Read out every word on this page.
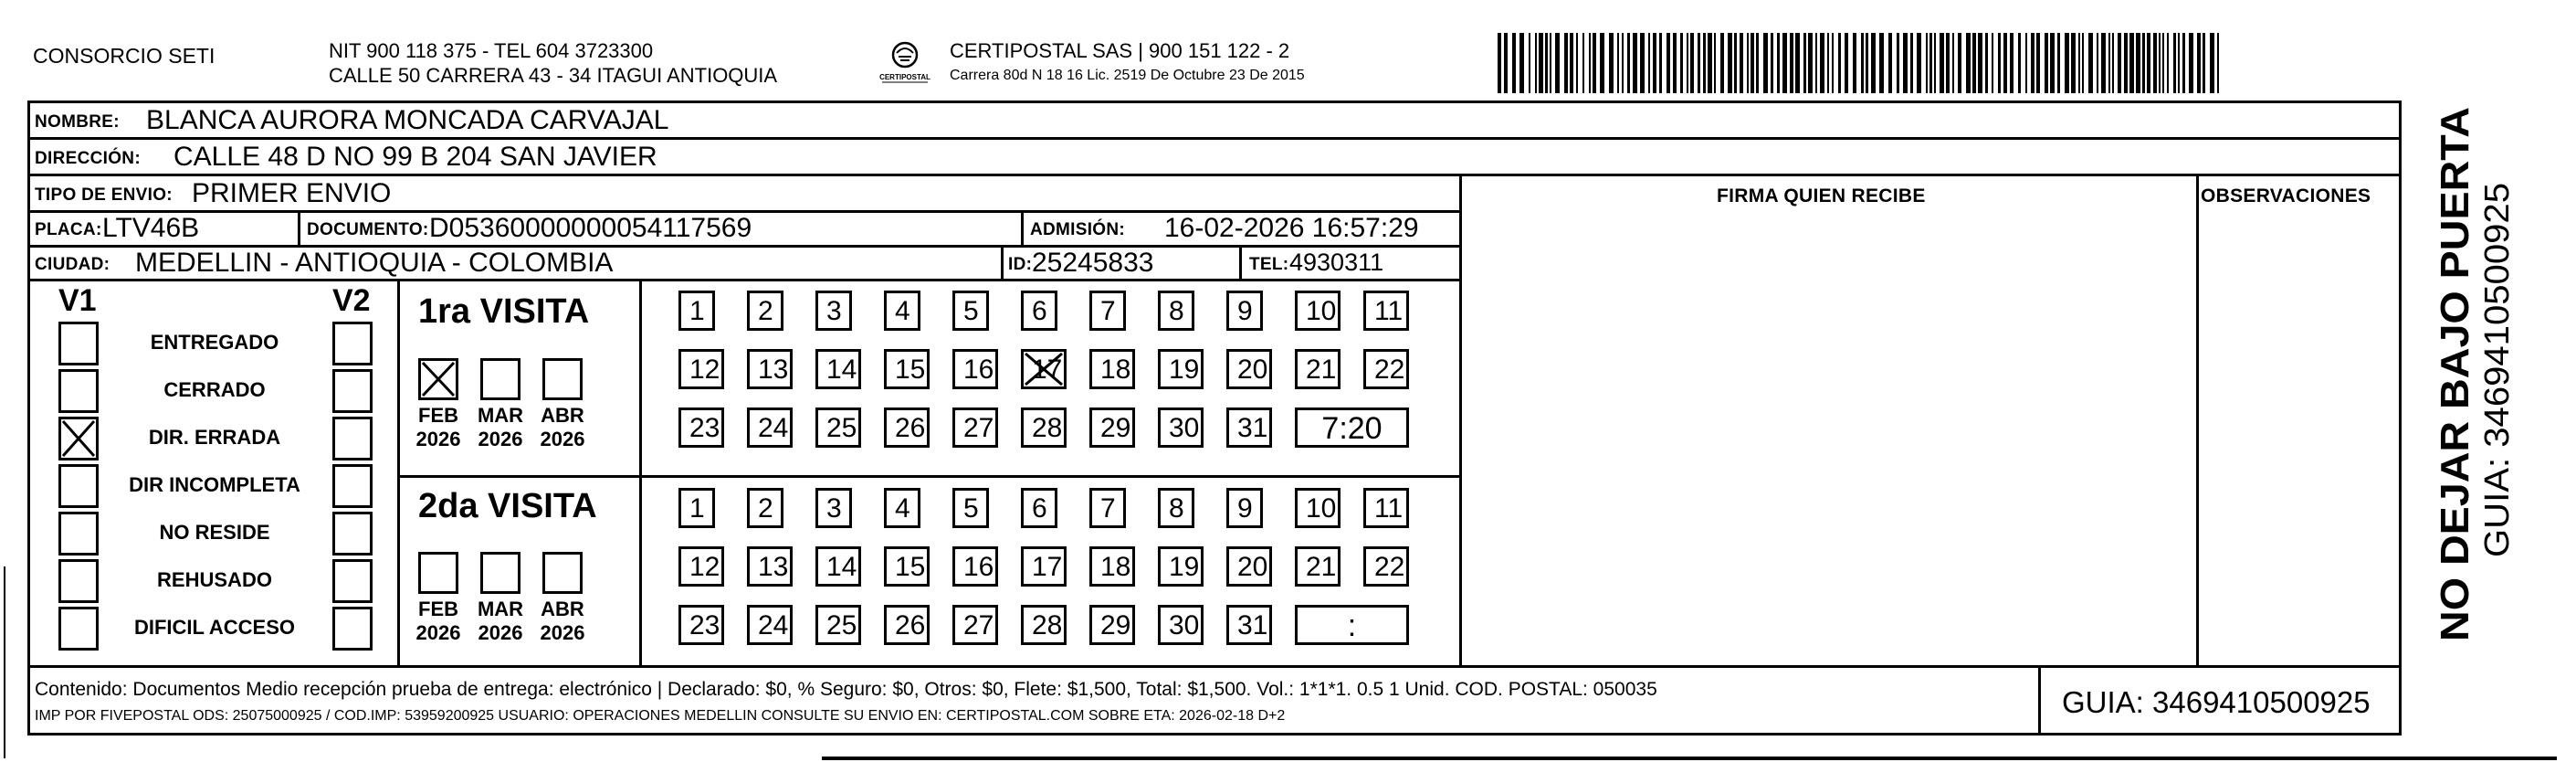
CONSORCIO SETI	NIT 900 118 375 - TEL 604 3723300
CALLE 50 CARRERA 43 - 34 ITAGUI ANTIOQUIA	CERTIPOSTAL
CERTIPOSTAL SAS | 900 151 122 - 2
Carrera 80d N 18 16 Lic. 2519 De Octubre 23 De 2015
NOMBRE: BLANCA AURORA MONCADA CARVAJAL
DIRECCIÓN: CALLE 48 D NO 99 B 204 SAN JAVIER
TIPO DE ENVIO: PRIMER ENVIO	FIRMA QUIEN RECIBE	OBSERVACIONES
PLACA: LTV46B	DOCUMENTO: D05360000000054117569	ADMISIÓN: 16-02-2026 16:57:29
CIUDAD: MEDELLIN - ANTIOQUIA - COLOMBIA	ID: 25245833	TEL: 4930311
V1	V2
ENTREGADO
CERRADO
DIR. ERRADA
DIR INCOMPLETA
NO RESIDE
REHUSADO
DIFICIL ACCESO
1ra VISITA
2da VISITA
FEB
2026
MAR
2026
ABR
2026
FEB
2026
MAR
2026
ABR
2026
1 2 3 4 5 6 7 8 9 10 11
12 13 14 15 16 17 18 19 20 21 22
23 24 25 26 27 28 29 30 31	7:20
1 2 3 4 5 6 7 8 9 10 11
12 13 14 15 16 17 18 19 20 21 22
23 24 25 26 27 28 29 30 31	:
Contenido: Documentos Medio recepción prueba de entrega: electrónico | Declarado: $0, % Seguro: $0, Otros: $0, Flete: $1,500, Total: $1,500. Vol.: 1*1*1. 0.5 1 Unid. COD. POSTAL: 050035
IMP POR FIVEPOSTAL ODS: 25075000925 / COD.IMP: 53959200925 USUARIO: OPERACIONES MEDELLIN CONSULTE SU ENVIO EN: CERTIPOSTAL.COM SOBRE ETA: 2026-02-18 D+2	GUIA: 3469410500925
NO DEJAR BAJO PUERTA GUIA: 3469410500925
